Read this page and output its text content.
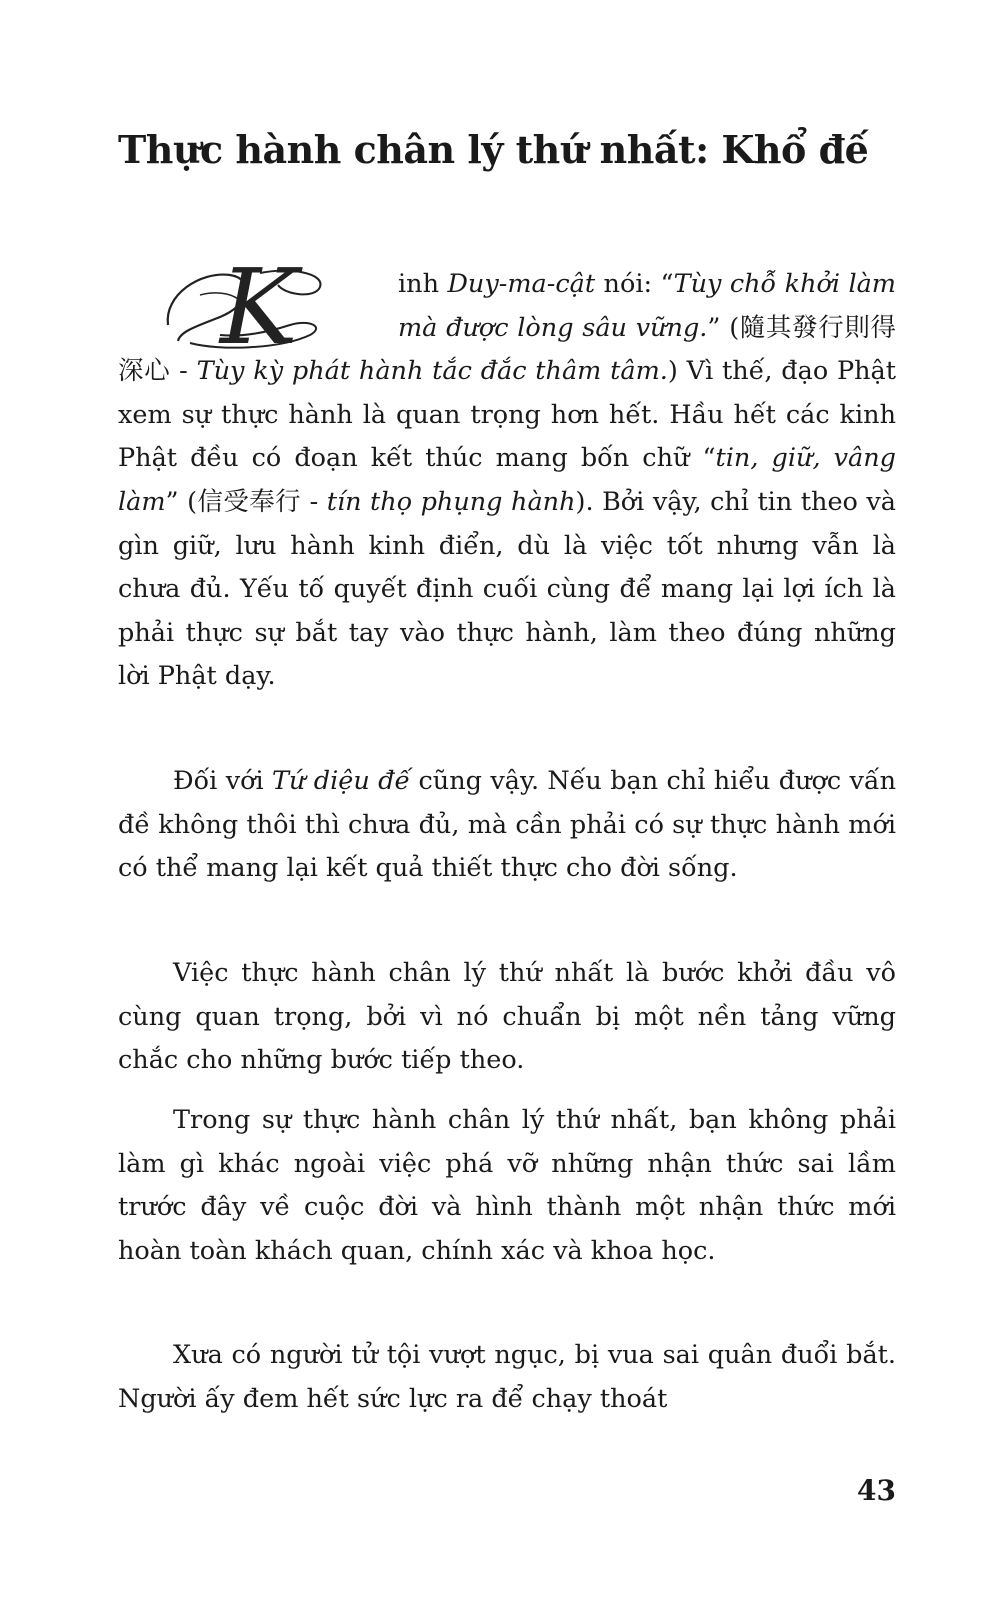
Thực hành chân lý thứ nhất: Khổ đế
K	inh Duy-ma-cật nói: “Tùy chỗ khởi làm mà được lòng sâu vững.” (隨其發行則得深心 - Tùy kỳ phát hành tắc đắc thâm tâm.) Vì thế, đạo Phật xem sự thực hành là quan trọng hơn hết. Hầu hết các kinh Phật đều có đoạn kết thúc mang bốn chữ “tin, giữ, vâng làm” (信受奉行 - tín thọ phụng hành). Bởi vậy, chỉ tin theo và gìn giữ, lưu hành kinh điển, dù là việc tốt nhưng vẫn là chưa đủ. Yếu tố quyết định cuối cùng để mang lại lợi ích là phải thực sự bắt tay vào thực hành, làm theo đúng những lời Phật dạy.

Đối với Tứ diệu đế cũng vậy. Nếu bạn chỉ hiểu được vấn đề không thôi thì chưa đủ, mà cần phải có sự thực hành mới có thể mang lại kết quả thiết thực cho đời sống.

Việc thực hành chân lý thứ nhất là bước khởi đầu vô cùng quan trọng, bởi vì nó chuẩn bị một nền tảng vững chắc cho những bước tiếp theo.

Trong sự thực hành chân lý thứ nhất, bạn không phải làm gì khác ngoài việc phá vỡ những nhận thức sai lầm trước đây về cuộc đời và hình thành một nhận thức mới hoàn toàn khách quan, chính xác và khoa học.

Xưa có người tử tội vượt ngục, bị vua sai quân đuổi bắt. Người ấy đem hết sức lực ra để chạy thoát

43
